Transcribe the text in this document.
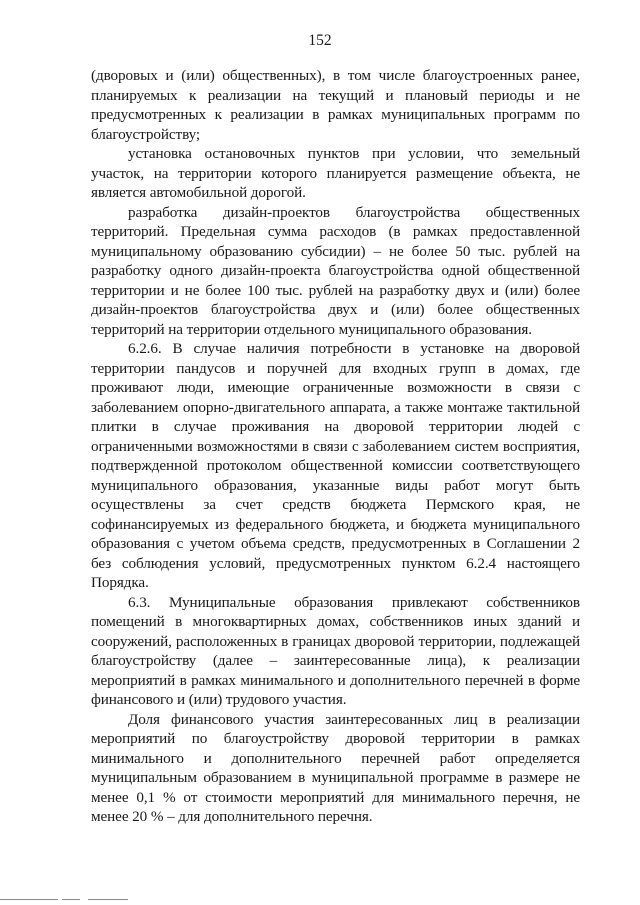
152

(дворовых и (или) общественных), в том числе благоустроенных ранее, планируемых к реализации на текущий и плановый периоды и не предусмотренных к реализации в рамках муниципальных программ по благоустройству;

установка остановочных пунктов при условии, что земельный участок, на территории которого планируется размещение объекта, не является автомобильной дорогой.

разработка дизайн-проектов благоустройства общественных территорий. Предельная сумма расходов (в рамках предоставленной муниципальному образованию субсидии) – не более 50 тыс. рублей на разработку одного дизайн-проекта благоустройства одной общественной территории и не более 100 тыс. рублей на разработку двух и (или) более дизайн-проектов благоустройства двух и (или) более общественных территорий на территории отдельного муниципального образования.

6.2.6. В случае наличия потребности в установке на дворовой территории пандусов и поручней для входных групп в домах, где проживают люди, имеющие ограниченные возможности в связи с заболеванием опорно-двигательного аппарата, а также монтаже тактильной плитки в случае проживания на дворовой территории людей с ограниченными возможностями в связи с заболеванием систем восприятия, подтвержденной протоколом общественной комиссии соответствующего муниципального образования, указанные виды работ могут быть осуществлены за счет средств бюджета Пермского края, не софинансируемых из федерального бюджета, и бюджета муниципального образования с учетом объема средств, предусмотренных в Соглашении 2 без соблюдения условий, предусмотренных пунктом 6.2.4 настоящего Порядка.

6.3. Муниципальные образования привлекают собственников помещений в многоквартирных домах, собственников иных зданий и сооружений, расположенных в границах дворовой территории, подлежащей благоустройству (далее – заинтересованные лица), к реализации мероприятий в рамках минимального и дополнительного перечней в форме финансового и (или) трудового участия.

Доля финансового участия заинтересованных лиц в реализации мероприятий по благоустройству дворовой территории в рамках минимального и дополнительного перечней работ определяется муниципальным образованием в муниципальной программе в размере не менее 0,1 % от стоимости мероприятий для минимального перечня, не менее 20 % – для дополнительного перечня.
